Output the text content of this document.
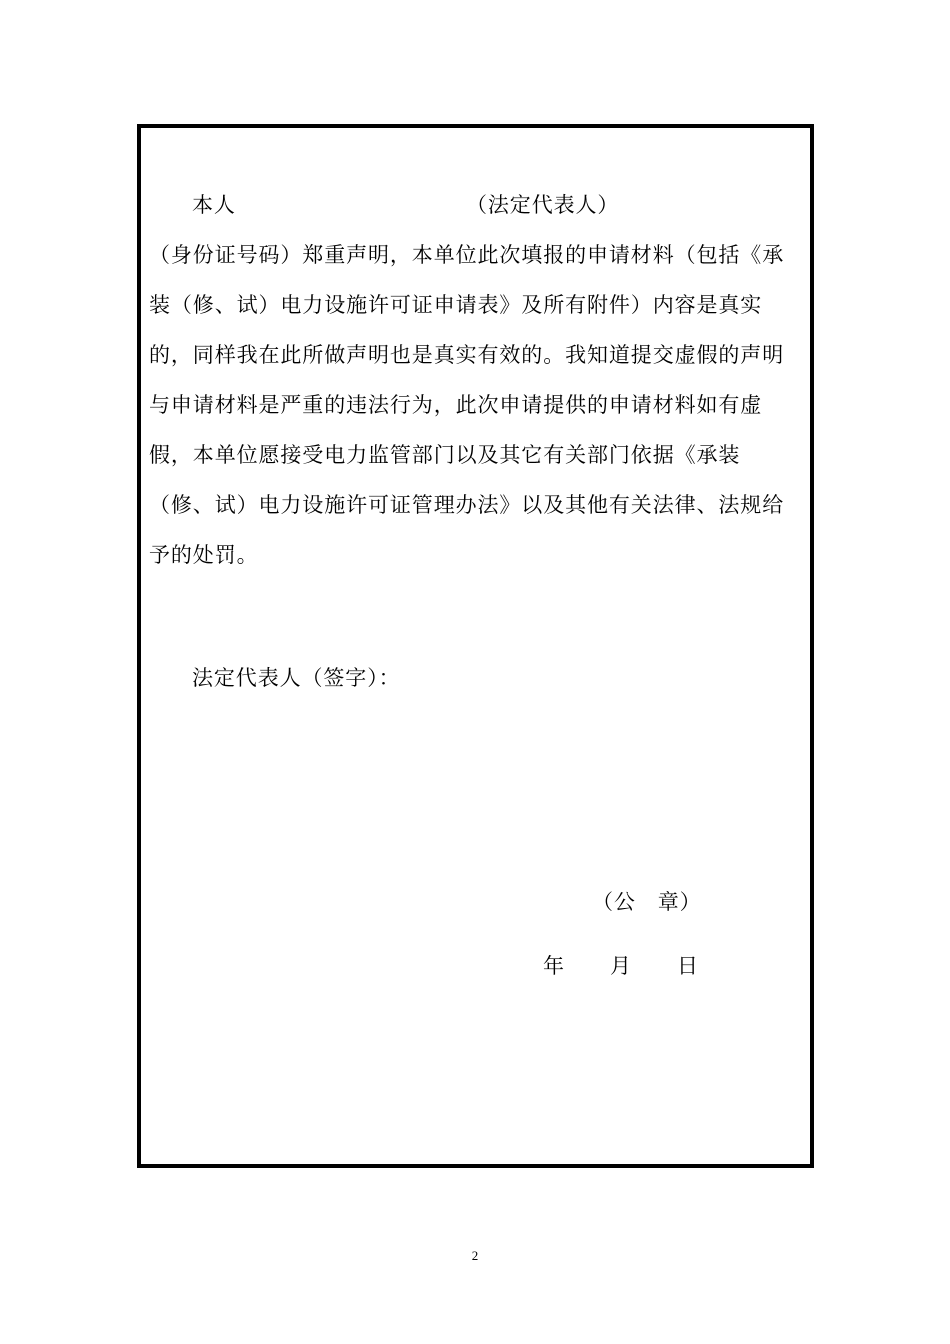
本人	（法定代表人）
（身份证号码）郑重声明，本单位此次填报的申请材料（包括《承
装（修、试）电力设施许可证申请表》及所有附件）内容是真实
的，同样我在此所做声明也是真实有效的。我知道提交虚假的声明
与申请材料是严重的违法行为，此次申请提供的申请材料如有虚
假，本单位愿接受电力监管部门以及其它有关部门依据《承装
（修、试）电力设施许可证管理办法》以及其他有关法律、法规给
予的处罚。
法定代表人（签字）：
（公　章）
年 月 日
2
